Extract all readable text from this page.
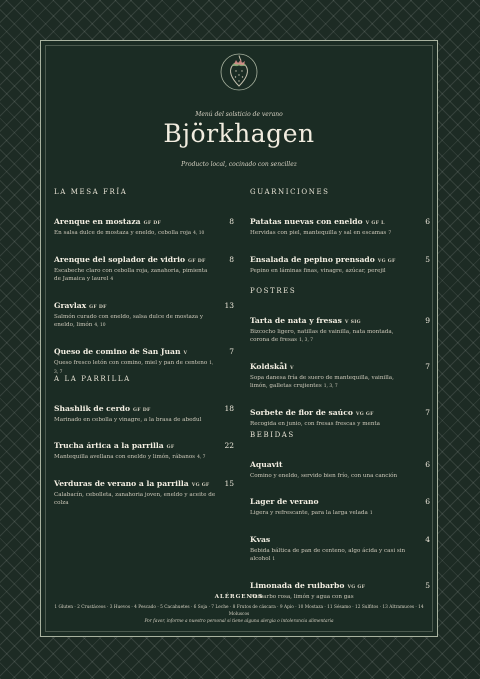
Menú del solsticio de verano
Björkhagen
Producto local, cocinado con sencillez
LA MESA FRÍA
Arenque en mostaza GF DF	8
En salsa dulce de mostaza y eneldo, cebolla roja 4, 10
Arenque del soplador de vidrio GF DF	8
Escabeche claro con cebolla roja, zanahoria, pimienta de Jamaica y laurel 4
Gravlax GF DF	13
Salmón curado con eneldo, salsa dulce de mostaza y eneldo, limón 4, 10
Queso de comino de San Juan V	7
Queso fresco letón con comino, miel y pan de centeno 1, 3, 7
A LA PARRILLA
Shashlik de cerdo GF DF	18
Marinado en cebolla y vinagre, a la brasa de abedul
Trucha ártica a la parrilla GF	22
Mantequilla avellana con eneldo y limón, rábanos 4, 7
Verduras de verano a la parrilla VG GF 15
Calabacín, cebolleta, zanahoria joven, eneldo y aceite de colza
GUARNICIONES
Patatas nuevas con eneldo V GF L	6
Hervidas con piel, mantequilla y sal en escamas 7
Ensalada de pepino prensado VG GF	5
Pepino en láminas finas, vinagre, azúcar, perejil
POSTRES
Tarta de nata y fresas V SIG	9
Bizcocho ligero, natillas de vainilla, nata montada, corona de fresas 1, 3, 7
Koldskål V	7
Sopa danesa fría de suero de mantequilla, vainilla, limón, galletas crujientes 1, 3, 7
Sorbete de flor de saúco VG GF	7
Recogida en junio, con fresas frescas y menta
BEBIDAS
Aquavit	6
Comino y eneldo, servido bien frío, con una canción
Lager de verano	6
Ligera y refrescante, para la larga velada 1
Kvas	4
Bebida báltica de pan de centeno, algo ácida y casi sin alcohol 1
Limonada de ruibarbo VG GF	5
Ruibarbo rosa, limón y agua con gas
ALÉRGENOS
1 Gluten · 2 Crustáceos · 3 Huevos · 4 Pescado · 5 Cacahuetes · 6 Soja · 7 Leche · 8 Frutos de cáscara · 9 Apio · 10 Mostaza · 11 Sésamo · 12 Sulfitos · 13 Altramuces · 14 Moluscos
Por favor, informe a nuestro personal si tiene alguna alergia o intolerancia alimentaria
